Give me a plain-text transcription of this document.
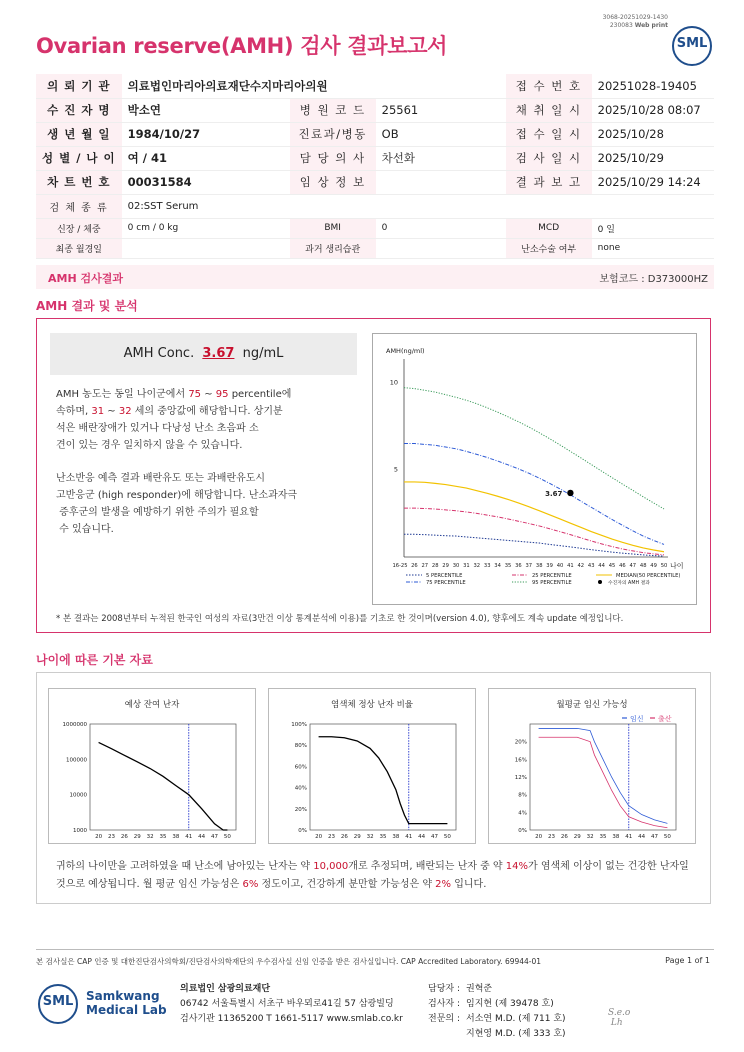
3068-20251029-1430
230083 Web print
Ovarian reserve(AMH) 검사 결과보고서	SML
의 뢰 기 관	의료법인마리아의료재단수지마리아의원			접 수 번 호	20251028-19405
수 진 자 명	박소연	병 원 코 드	25561	채 취 일 시	2025/10/28 08:07
생 년 월 일	1984/10/27	진료과/병동	OB	접 수 일 시	2025/10/28
성 별 / 나 이	여 / 41	담 당 의 사	차선화	검 사 일 시	2025/10/29
차 트 번 호	00031584	임 상 정 보		결 과 보 고	2025/10/29 14:24
검 체 종 류	02:SST Serum				
신장 / 체중	0 cm / 0 kg	BMI	0	MCD	0 일
최종 월경일		과거 생리습관		난소수술 여부	none
AMH 검사결과	보험코드 : D373000HZ
AMH 결과 및 분석
AMH Conc. 3.67 ng/mL
AMH 농도는 동일 나이군에서 75 ~ 95 percentile에
속하며, 31 ~ 32 세의 중앙값에 해당합니다. 상기분
석은 배란장애가 있거나 다낭성 난소 초음파 소
견이 있는 경우 일치하지 않을 수 있습니다.
난소반응 예측 결과 배란유도 또는 과배란유도시
고반응군 (high responder)에 해당합니다. 난소과자극
증후군의 발생을 예방하기 위한 주의가 필요할
수 있습니다.
* 본 결과는 2008년부터 누적된 한국인 여성의 자료(3만건 이상 통계분석에 이용)를 기초로 한 것이며(version 4.0), 향후에도 계속 update 예정입니다.
AMH(ng/ml)
5
10
16-25 26 27 28 29 30 31 32 33 34 35 36 37 38 39 40 41 42 43 44 45 46 47 48 49 50 나이
3.67
5 PERCENTILE	25 PERCENTILE	MEDIAN(50 PERCENTILE)
75 PERCENTILE	95 PERCENTILE	수진자의 AMH 결과
나이에 따른 기본 자료
예상 잔여 난자
1000000
100000
10000
1000
20 23 26 29 32 35 38 41 44 47 50
염색체 정상 난자 비율
100%
80%
60%
40%
20%
0%
20 23 26 29 32 35 38 41 44 47 50
월평균 임신 가능성
20%
16%
12%
8%
4%
0%
20 23 26 29 32 35 38 41 44 47 50
임신 출산
귀하의 나이만을 고려하였을 때 난소에 남아있는 난자는 약 10,000개로 추정되며, 배란되는 난자 중 약 14%가 염색체 이상이 없는 건강한 난자일
것으로 예상됩니다. 월 평균 임신 가능성은 6% 정도이고, 건강하게 분만할 가능성은 약 2% 입니다.
본 검사실은 CAP 인증 및 대한진단검사의학회/진단검사의학재단의 우수검사실 신임 인증을 받은 검사실입니다. CAP Accredited Laboratory. 69944-01	Page 1 of 1
SML	Samkwang
Medical Lab
의료법인 삼광의료재단
06742 서울특별시 서초구 바우뫼로41길 57 삼광빌딩
검사기관 11365200 T 1661-5117 www.smlab.co.kr
담당자 : 권혁준
검사자 : 임지현 (제 39478 호)
전문의 : 서소연 M.D. (제 711 호)
지현영 M.D. (제 333 호)
S.e.o
Lh
